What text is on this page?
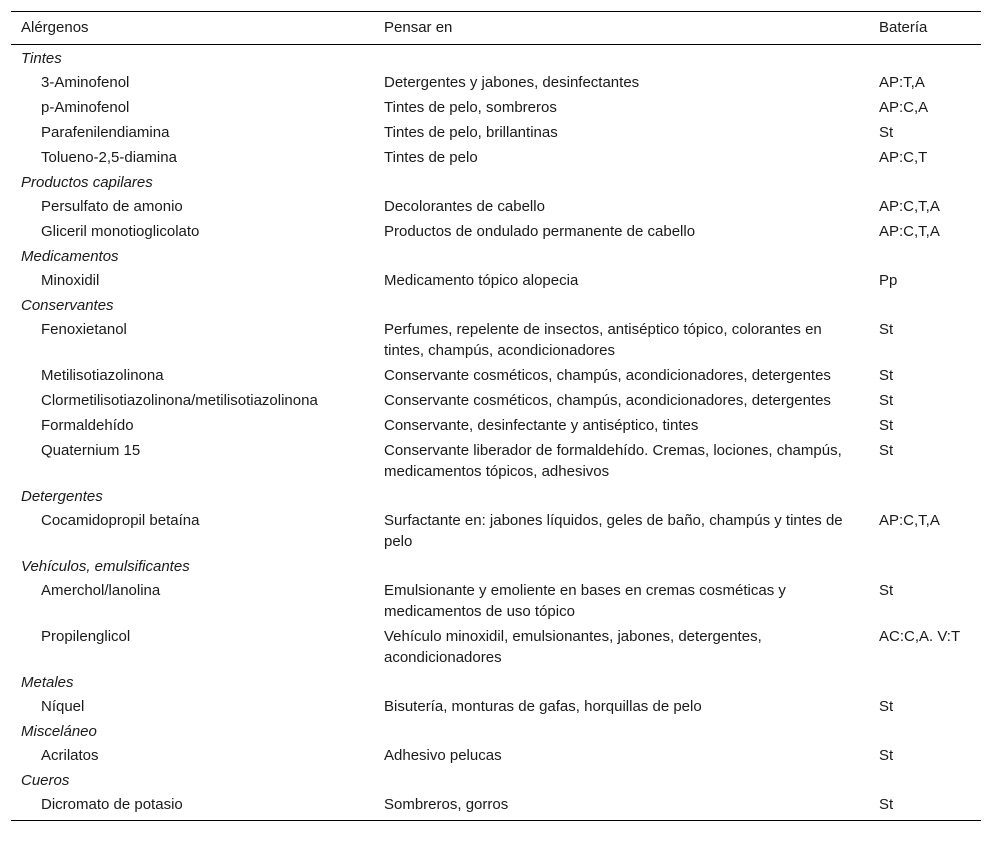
Alérgenos	Pensar en	Batería
Tintes		
3-Aminofenol	Detergentes y jabones, desinfectantes	AP:T,A
p-Aminofenol	Tintes de pelo, sombreros	AP:C,A
Parafenilendiamina	Tintes de pelo, brillantinas	St
Tolueno-2,5-diamina	Tintes de pelo	AP:C,T
Productos capilares		
Persulfato de amonio	Decolorantes de cabello	AP:C,T,A
Gliceril monotioglicolato	Productos de ondulado permanente de cabello	AP:C,T,A
Medicamentos		
Minoxidil	Medicamento tópico alopecia	Pp
Conservantes		
Fenoxietanol	Perfumes, repelente de insectos, antiséptico tópico, colorantes en tintes, champús, acondicionadores	St
Metilisotiazolinona	Conservante cosméticos, champús, acondicionadores, detergentes	St
Clormetilisotiazolinona/metilisotiazolinona	Conservante cosméticos, champús, acondicionadores, detergentes	St
Formaldehído	Conservante, desinfectante y antiséptico, tintes	St
Quaternium 15	Conservante liberador de formaldehído. Cremas, lociones, champús, medicamentos tópicos, adhesivos	St
Detergentes		
Cocamidopropil betaína	Surfactante en: jabones líquidos, geles de baño, champús y tintes de pelo	AP:C,T,A
Vehículos, emulsificantes		
Amerchol/lanolina	Emulsionante y emoliente en bases en cremas cosméticas y medicamentos de uso tópico	St
Propilenglicol	Vehículo minoxidil, emulsionantes, jabones, detergentes, acondicionadores	AC:C,A. V:T
Metales		
Níquel	Bisutería, monturas de gafas, horquillas de pelo	St
Misceláneo		
Acrilatos	Adhesivo pelucas	St
Cueros		
Dicromato de potasio	Sombreros, gorros	St
